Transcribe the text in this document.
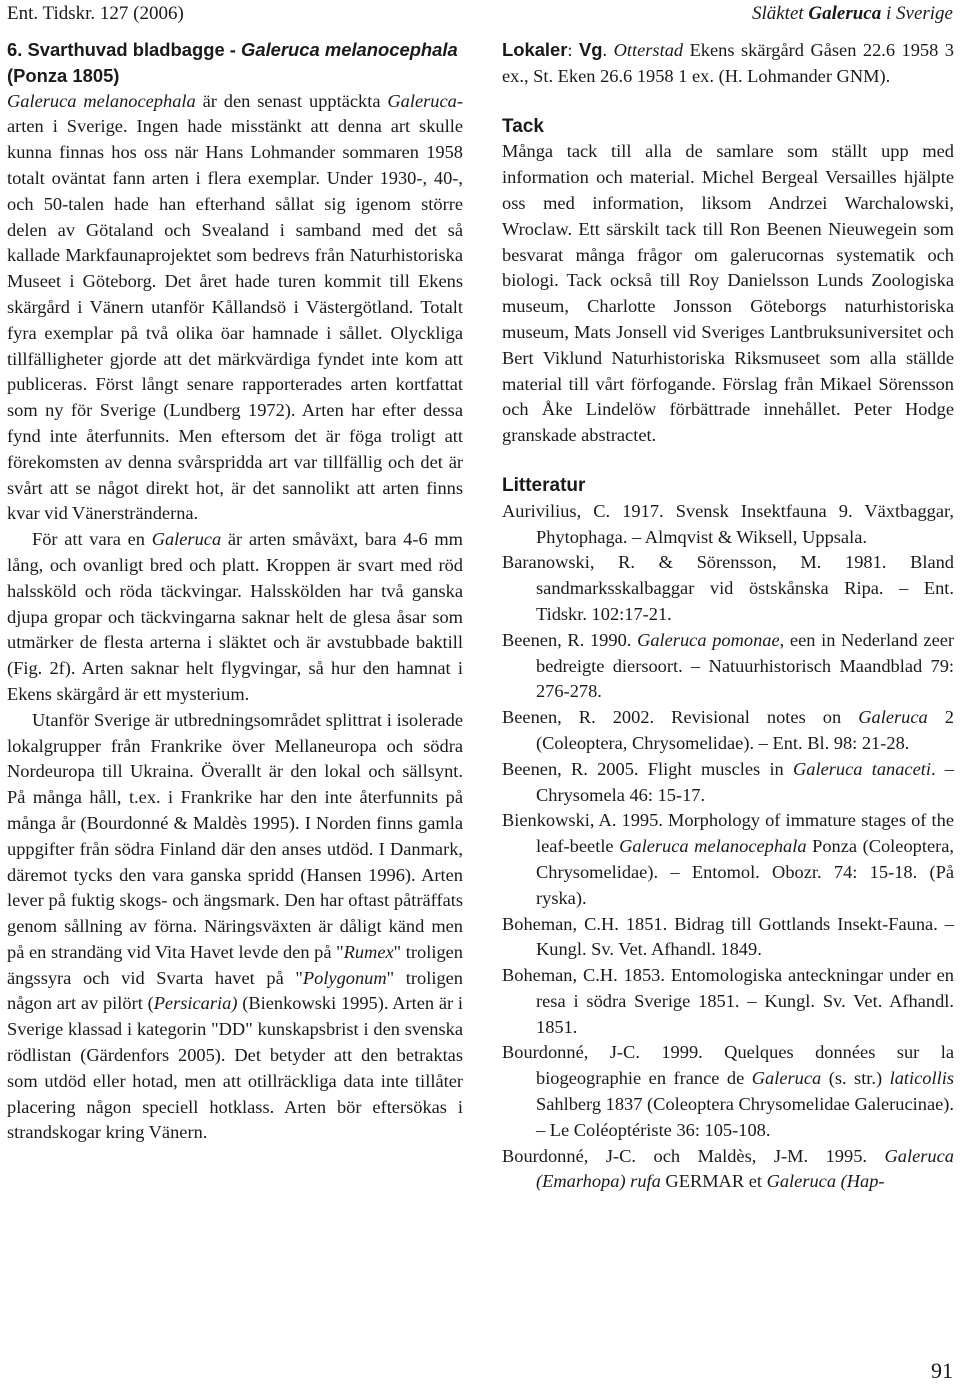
Ent. Tidskr. 127 (2006)	Släktet Galeruca i Sverige
6. Svarthuvad bladbagge - Galeruca melanocephala (Ponza 1805)

Galeruca melanocephala är den senast upptäckta Galeruca-arten i Sverige. Ingen hade misstänkt att denna art skulle kunna finnas hos oss när Hans Lohmander sommaren 1958 totalt oväntat fann arten i flera exemplar. Under 1930-, 40-, och 50-talen hade han efterhand sållat sig igenom större delen av Götaland och Svealand i samband med det så kallade Markfaunaprojektet som bedrevs från Naturhistoriska Museet i Göteborg. Det året hade turen kommit till Ekens skärgård i Vänern utanför Kållandsö i Västergötland. Totalt fyra exemplar på två olika öar hamnade i sållet. Olyckliga tillfälligheter gjorde att det märkvärdiga fyndet inte kom att publiceras. Först långt senare rapporterades arten kortfattat som ny för Sverige (Lundberg 1972). Arten har efter dessa fynd inte återfunnits. Men eftersom det är föga troligt att förekomsten av denna svårspridda art var tillfällig och det är svårt att se något direkt hot, är det sannolikt att arten finns kvar vid Vänerstränderna.

För att vara en Galeruca är arten småväxt, bara 4-6 mm lång, och ovanligt bred och platt. Kroppen är svart med röd halssköld och röda täckvingar. Halsskölden har två ganska djupa gropar och täckvingarna saknar helt de glesa åsar som utmärker de flesta arterna i släktet och är avstubbade baktill (Fig. 2f). Arten saknar helt flygvingar, så hur den hamnat i Ekens skärgård är ett mysterium.

Utanför Sverige är utbredningsområdet splittrat i isolerade lokalgrupper från Frankrike över Mellaneuropa och södra Nordeuropa till Ukraina. Överallt är den lokal och sällsynt. På många håll, t.ex. i Frankrike har den inte återfunnits på många år (Bourdonné & Maldès 1995). I Norden finns gamla uppgifter från södra Finland där den anses utdöd. I Danmark, däremot tycks den vara ganska spridd (Hansen 1996). Arten lever på fuktig skogs- och ängsmark. Den har oftast påträffats genom sållning av förna. Näringsväxten är dåligt känd men på en strandäng vid Vita Havet levde den på "Rumex" troligen ängssyra och vid Svarta havet på "Polygonum" troligen någon art av pilört (Persicaria) (Bienkowski 1995). Arten är i Sverige klassad i kategorin "DD" kunskapsbrist i den svenska rödlistan (Gärdenfors 2005). Det betyder att den betraktas som utdöd eller hotad, men att otillräckliga data inte tillåter placering någon speciell hotklass. Arten bör eftersökas i strandskogar kring Vänern.

Lokaler: Vg. Otterstad Ekens skärgård Gåsen 22.6 1958 3 ex., St. Eken 26.6 1958 1 ex. (H. Lohmander GNM).

Tack

Många tack till alla de samlare som ställt upp med information och material. Michel Bergeal Versailles hjälpte oss med information, liksom Andrzei Warchalowski, Wroclaw. Ett särskilt tack till Ron Beenen Nieuwegein som besvarat många frågor om galerucornas systematik och biologi. Tack också till Roy Danielsson Lunds Zoologiska museum, Charlotte Jonsson Göteborgs naturhistoriska museum, Mats Jonsell vid Sveriges Lantbruksuniversitet och Bert Viklund Naturhistoriska Riksmuseet som alla ställde material till vårt förfogande. Förslag från Mikael Sörensson och Åke Lindelöw förbättrade innehållet. Peter Hodge granskade abstractet.

Litteratur

Aurivilius, C. 1917. Svensk Insektfauna 9. Växtbaggar, Phytophaga. – Almqvist & Wiksell, Uppsala.

Baranowski, R. & Sörensson, M. 1981. Bland sandmarksskalbaggar vid östskånska Ripa. – Ent. Tidskr. 102:17-21.

Beenen, R. 1990. Galeruca pomonae, een in Nederland zeer bedreigte diersoort. – Natuurhistorisch Maandblad 79: 276-278.

Beenen, R. 2002. Revisional notes on Galeruca 2 (Coleoptera, Chrysomelidae). – Ent. Bl. 98: 21-28.

Beenen, R. 2005. Flight muscles in Galeruca tanaceti. – Chrysomela 46: 15-17.

Bienkowski, A. 1995. Morphology of immature stages of the leaf-beetle Galeruca melanocephala Ponza (Coleoptera, Chrysomelidae). – Entomol. Obozr. 74: 15-18. (På ryska).

Boheman, C.H. 1851. Bidrag till Gottlands Insekt-Fauna. – Kungl. Sv. Vet. Afhandl. 1849.

Boheman, C.H. 1853. Entomologiska anteckningar under en resa i södra Sverige 1851. – Kungl. Sv. Vet. Afhandl. 1851.

Bourdonné, J-C. 1999. Quelques données sur la biogeographie en france de Galeruca (s. str.) laticollis Sahlberg 1837 (Coleoptera Chrysomelidae Galerucinae). – Le Coléoptériste 36: 105-108.

Bourdonné, J-C. och Maldès, J-M. 1995. Galeruca (Emarhopa) rufa GERMAR et Galeruca (Hap-

91
